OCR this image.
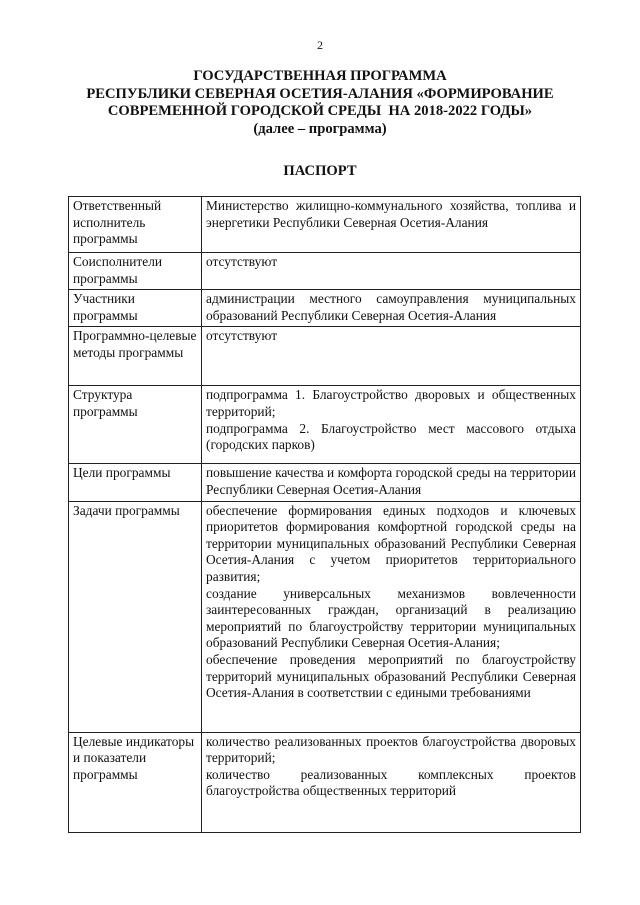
2
ГОСУДАРСТВЕННАЯ ПРОГРАММА
РЕСПУБЛИКИ СЕВЕРНАЯ ОСЕТИЯ-АЛАНИЯ «ФОРМИРОВАНИЕ
СОВРЕМЕННОЙ ГОРОДСКОЙ СРЕДЫ  НА 2018-2022 ГОДЫ»
(далее – программа)
ПАСПОРТ
Ответственный исполнитель программы	Министерство жилищно-коммунального хозяйства, топлива и энергетики Республики Северная Осетия-Алания

Соисполнители программы	отсутствуют

Участники программы	администрации местного самоуправления муниципальных образований Республики Северная Осетия-Алания

Программно-целевые методы программы	отсутствуют

Структура программы	подпрограмма 1. Благоустройство дворовых и общественных территорий;
подпрограмма 2. Благоустройство мест массового отдыха (городских парков)

Цели программы	повышение качества и комфорта городской среды на территории Республики Северная Осетия-Алания

Задачи программы	обеспечение формирования единых подходов и ключевых приоритетов формирования комфортной городской среды на территории муниципальных образований Республики Северная Осетия-Алания с учетом приоритетов территориального развития;
создание универсальных механизмов вовлеченности заинтересованных граждан, организаций в реализацию мероприятий по благоустройству территории муниципальных образований Республики Северная Осетия-Алания;
обеспечение проведения мероприятий по благоустройству территорий муниципальных образований Республики Северная Осетия-Алания в соответствии с едиными требованиями

Целевые индикаторы и показатели программы	количество реализованных проектов благоустройства дворовых территорий;
количество реализованных комплексных проектов благоустройства общественных территорий
